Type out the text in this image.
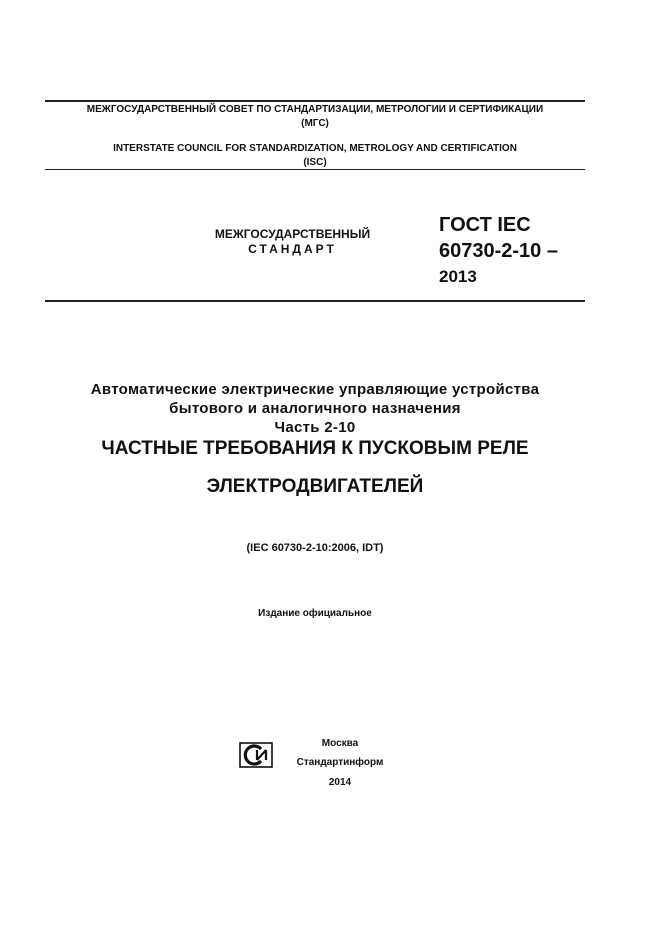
МЕЖГОСУДАРСТВЕННЫЙ СОВЕТ ПО СТАНДАРТИЗАЦИИ, МЕТРОЛОГИИ И СЕРТИФИКАЦИИ
(МГС)
INTERSTATE COUNCIL FOR STANDARDIZATION, METROLOGY AND CERTIFICATION
(ISC)
МЕЖГОСУДАРСТВЕННЫЙ
СТАНДАРТ
ГОСТ IEC
60730-2-10 –
2013
Автоматические электрические управляющие устройства
бытового и аналогичного назначения
Часть 2-10
ЧАСТНЫЕ ТРЕБОВАНИЯ К ПУСКОВЫМ РЕЛЕ
ЭЛЕКТРОДВИГАТЕЛЕЙ
(IEC 60730-2-10:2006, IDT)
Издание официальное
Москва
Стандартинформ
2014
